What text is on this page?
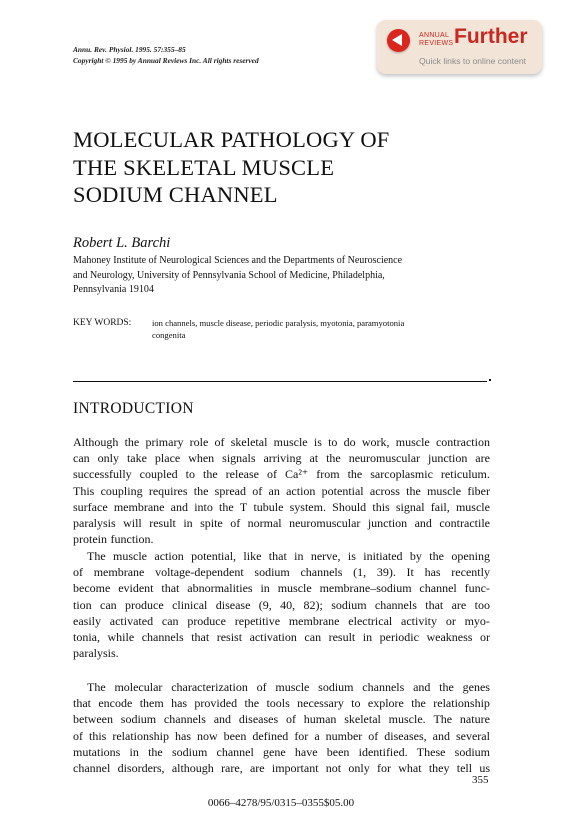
Annu. Rev. Physiol. 1995. 57:355–85
Copyright © 1995 by Annual Reviews Inc. All rights reserved
ANNUAL
REVIEWS Further
Quick links to online content
MOLECULAR PATHOLOGY OF
THE SKELETAL MUSCLE
SODIUM CHANNEL
Robert L. Barchi
Mahoney Institute of Neurological Sciences and the Departments of Neuroscience
and Neurology, University of Pennsylvania School of Medicine, Philadelphia,
Pennsylvania 19104
KEY WORDS: ion channels, muscle disease, periodic paralysis, myotonia, paramyotonia
congenita
INTRODUCTION
Although the primary role of skeletal muscle is to do work, muscle contraction
can only take place when signals arriving at the neuromuscular junction are
successfully coupled to the release of Ca²⁺ from the sarcoplasmic reticulum.
This coupling requires the spread of an action potential across the muscle fiber
surface membrane and into the T tubule system. Should this signal fail, muscle
paralysis will result in spite of normal neuromuscular junction and contractile
protein function.
The muscle action potential, like that in nerve, is initiated by the opening
of membrane voltage-dependent sodium channels (1, 39). It has recently
become evident that abnormalities in muscle membrane–sodium channel func-
tion can produce clinical disease (9, 40, 82); sodium channels that are too
easily activated can produce repetitive membrane electrical activity or myo-
tonia, while channels that resist activation can result in periodic weakness or
paralysis.
The molecular characterization of muscle sodium channels and the genes
that encode them has provided the tools necessary to explore the relationship
between sodium channels and diseases of human skeletal muscle. The nature
of this relationship has now been defined for a number of diseases, and several
mutations in the sodium channel gene have been identified. These sodium
channel disorders, although rare, are important not only for what they tell us
355
0066–4278/95/0315–0355$05.00
